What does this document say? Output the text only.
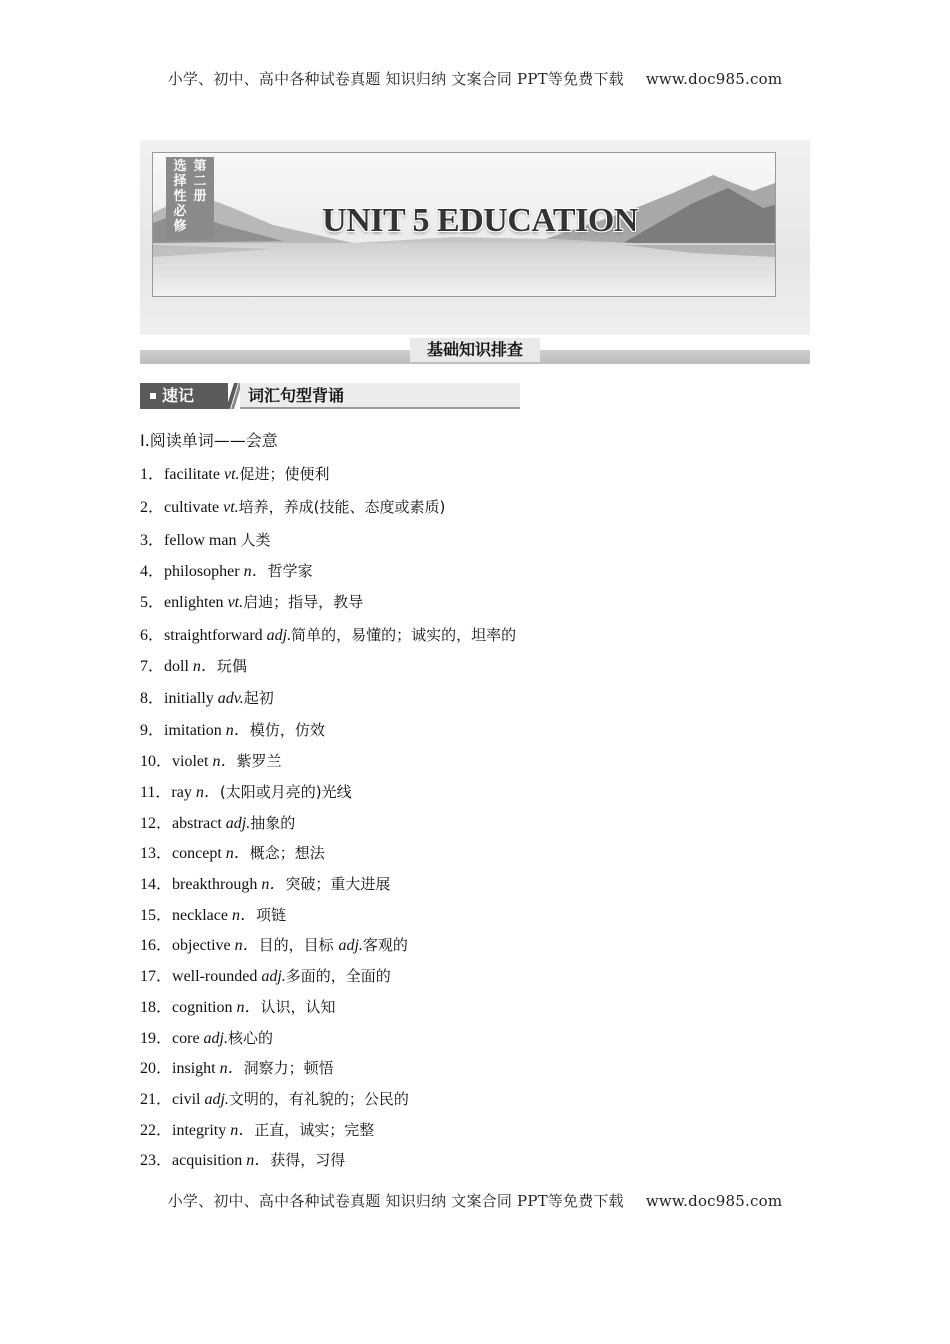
小学、初中、高中各种试卷真题 知识归纳 文案合同 PPT等免费下载 www.doc985.com
选择性必修
第二册
UNIT 5 EDUCATION
基础知识排查
速记	词汇句型背诵
Ⅰ.阅读单词——会意
1．facilitate vt.促进；使便利
2．cultivate vt.培养，养成(技能、态度或素质)
3．fellow man 人类
4．philosopher n．哲学家
5．enlighten vt.启迪；指导，教导
6．straightforward adj.简单的，易懂的；诚实的，坦率的
7．doll n．玩偶
8．initially adv.起初
9．imitation n．模仿，仿效
10．violet n．紫罗兰
11．ray n．(太阳或月亮的)光线
12．abstract adj.抽象的
13．concept n．概念；想法
14．breakthrough n．突破；重大进展
15．necklace n．项链
16．objective n．目的，目标 adj.客观的
17．well-rounded adj.多面的，全面的
18．cognition n．认识，认知
19．core adj.核心的
20．insight n．洞察力；顿悟
21．civil adj.文明的，有礼貌的；公民的
22．integrity n．正直，诚实；完整
23．acquisition n．获得，习得
小学、初中、高中各种试卷真题 知识归纳 文案合同 PPT等免费下载 www.doc985.com
